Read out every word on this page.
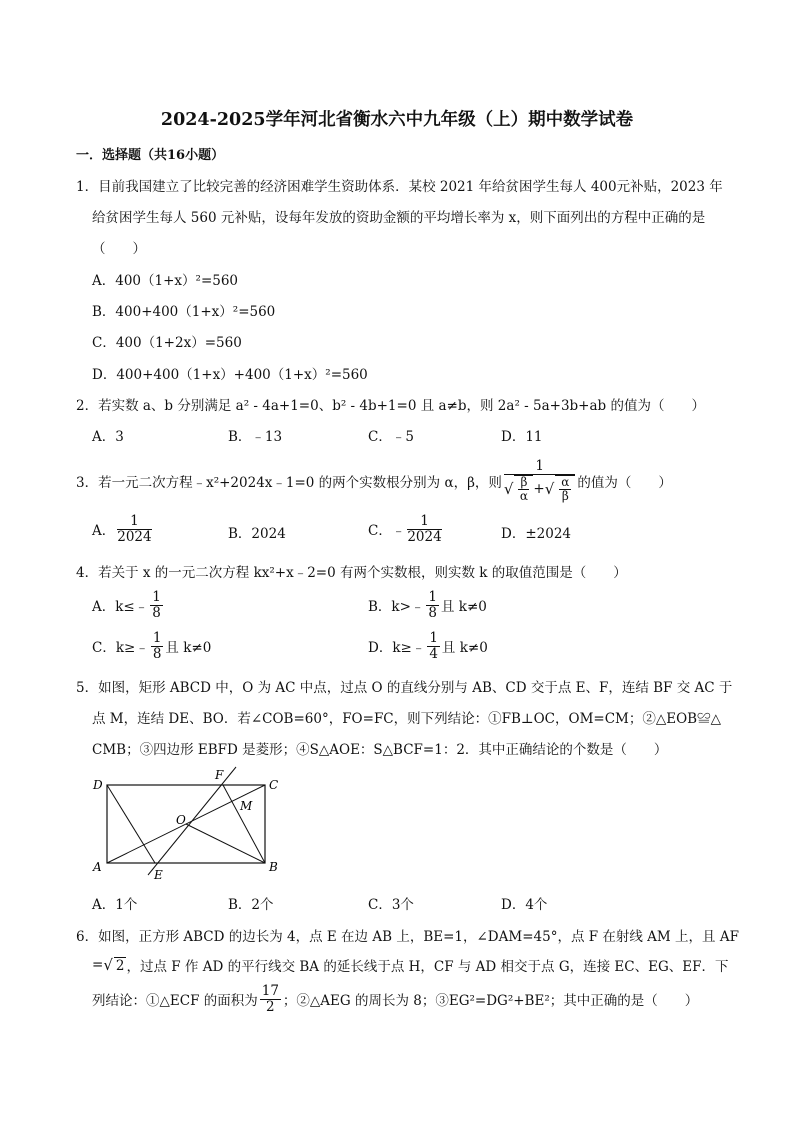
2024-2025学年河北省衡水六中九年级（上）期中数学试卷
一．选择题（共16小题）
1．目前我国建立了比较完善的经济困难学生资助体系．某校 2021 年给贫困学生每人 400元补贴，2023 年
给贫困学生每人 560 元补贴，设每年发放的资助金额的平均增长率为 x，则下面列出的方程中正确的是
（　　）
A．400（1+x）²=560
B．400+400（1+x）²=560
C．400（1+2x）=560
D．400+400（1+x）+400（1+x）²=560
2．若实数 a、b 分别满足 a² - 4a+1=0、b² - 4b+1=0 且 a≠b，则 2a² - 5a+3b+ab 的值为（　　）
A．3	B．﹣13	C．﹣5	D．11
3．若一元二次方程﹣x²+2024x﹣1=0 的两个实数根分别为 α，β，则 1
√ β
α + √ α
β 的值为（　　）
A． $\frac{1}{2024}$	B．2024	C． ﹣ $\frac{1}{2024}$	D．±2024
4．若关于 x 的一元二次方程 kx²+x﹣2=0 有两个实数根，则实数 k 的取值范围是（　　）
A．k≤﹣ $\frac{1}{8}$	B．k>﹣ $\frac{1}{8}$ 且 k≠0
C．k≥﹣ $\frac{1}{8}$ 且 k≠0	D．k≥﹣ $\frac{1}{4}$ 且 k≠0
5．如图，矩形 ABCD 中，O 为 AC 中点，过点 O 的直线分别与 AB、CD 交于点 E、F，连结 BF 交 AC 于
点 M，连结 DE、BO．若∠COB=60°，FO=FC，则下列结论：①FB⊥OC，OM=CM；②△EOB≌△
CMB；③四边形 EBFD 是菱形；④S△AOE：S△BCF=1：2．其中正确结论的个数是（　　）
D	C
A	B
F
M
O
E
A．1个	B．2个	C．3个	D．4个
6．如图，正方形 ABCD 的边长为 4，点 E 在边 AB 上，BE=1，∠DAM=45°，点 F 在射线 AM 上，且 AF
= √ 2 ，过点 F 作 AD 的平行线交 BA 的延长线于点 H，CF 与 AD 相交于点 G，连接 EC、EG、EF．下
列结论：①△ECF 的面积为 $\frac{17}{2}$ ；②△AEG 的周长为 8；③EG²=DG²+BE²；其中正确的是（　　）
